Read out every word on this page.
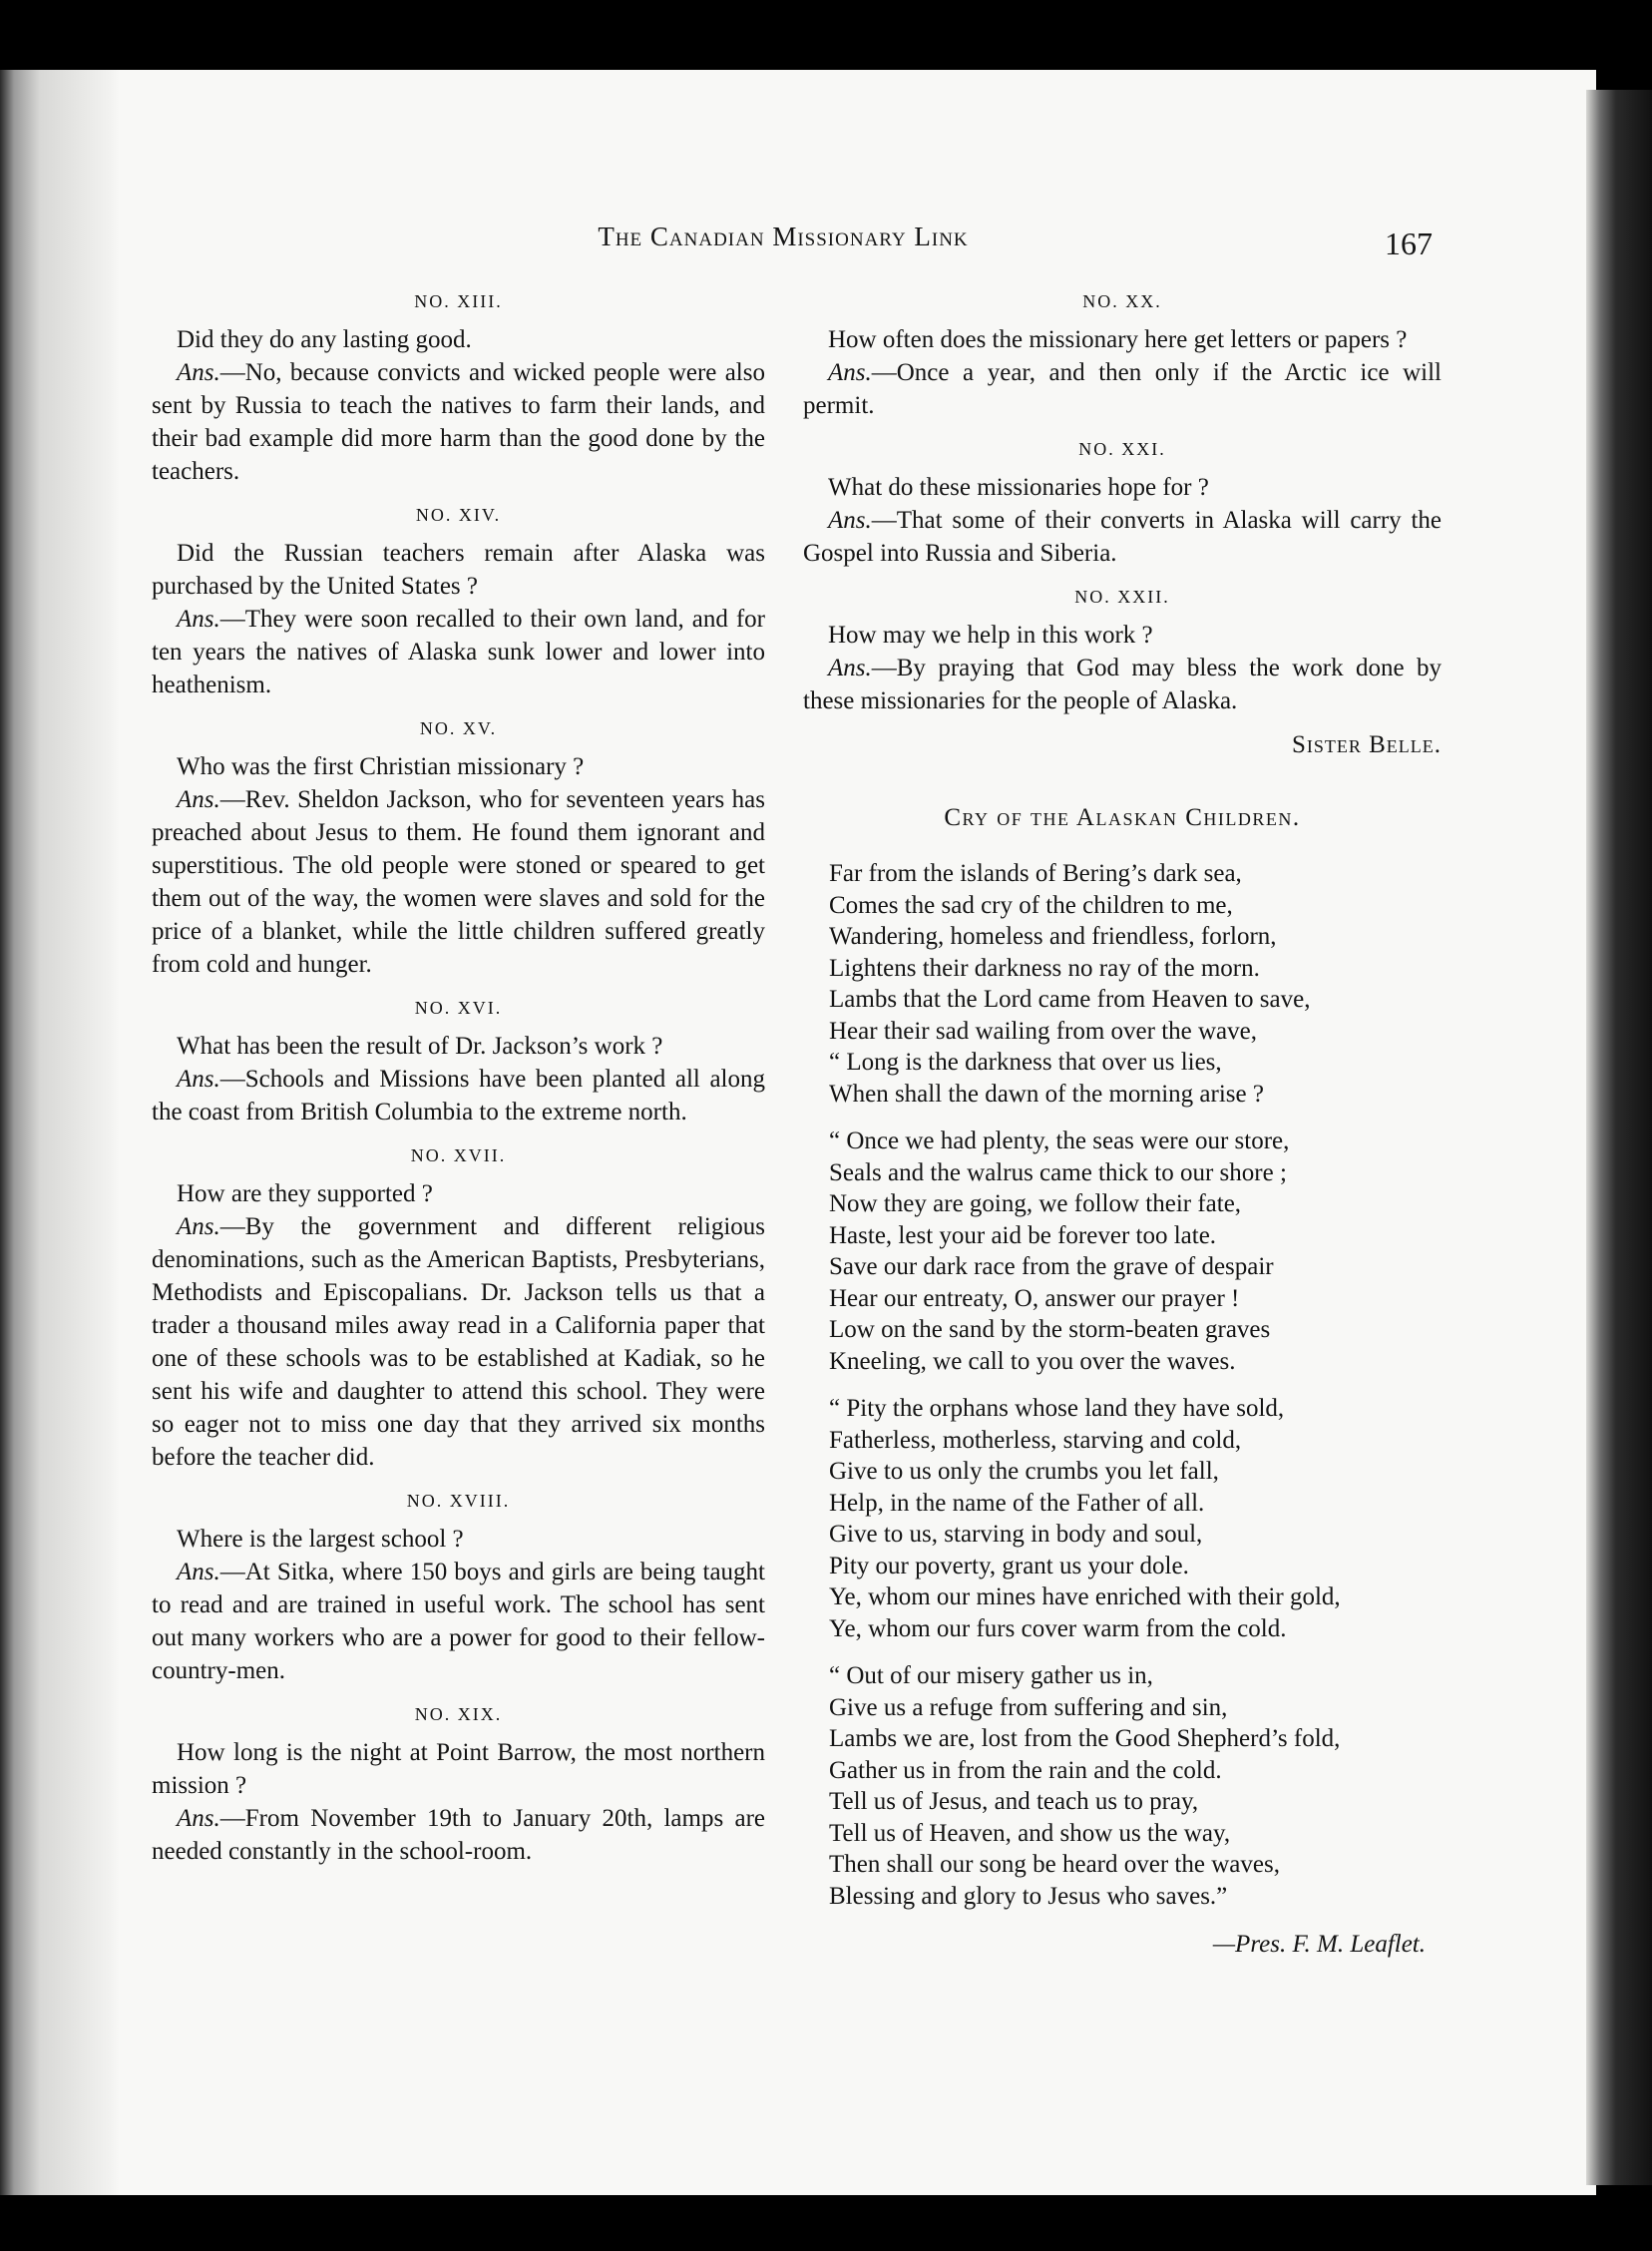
The Canadian Missionary Link	167
NO. XIII.

Did they do any lasting good.

Ans.—No, because convicts and wicked people were also sent by Russia to teach the natives to farm their lands, and their bad example did more harm than the good done by the teachers.

NO. XIV.

Did the Russian teachers remain after Alaska was purchased by the United States ?

Ans.—They were soon recalled to their own land, and for ten years the natives of Alaska sunk lower and lower into heathenism.

NO. XV.

Who was the first Christian missionary ?

Ans.—Rev. Sheldon Jackson, who for seventeen years has preached about Jesus to them. He found them ignorant and superstitious. The old people were stoned or speared to get them out of the way, the women were slaves and sold for the price of a blanket, while the little children suffered greatly from cold and hunger.

NO. XVI.

What has been the result of Dr. Jackson’s work ?

Ans.—Schools and Missions have been planted all along the coast from British Columbia to the extreme north.

NO. XVII.

How are they supported ?

Ans.—By the government and different religious denominations, such as the American Baptists, Presbyterians, Methodists and Episcopalians. Dr. Jackson tells us that a trader a thousand miles away read in a California paper that one of these schools was to be established at Kadiak, so he sent his wife and daughter to attend this school. They were so eager not to miss one day that they arrived six months before the teacher did.

NO. XVIII.

Where is the largest school ?

Ans.—At Sitka, where 150 boys and girls are being taught to read and are trained in useful work. The school has sent out many workers who are a power for good to their fellow-country-men.

NO. XIX.

How long is the night at Point Barrow, the most northern mission ?

Ans.—From November 19th to January 20th, lamps are needed constantly in the school-room.

NO. XX.

How often does the missionary here get letters or papers ?

Ans.—Once a year, and then only if the Arctic ice will permit.

NO. XXI.

What do these missionaries hope for ?

Ans.—That some of their converts in Alaska will carry the Gospel into Russia and Siberia.

NO. XXII.

How may we help in this work ?

Ans.—By praying that God may bless the work done by these missionaries for the people of Alaska.

Sister Belle.
Cry of the Alaskan Children.
Far from the islands of Bering’s dark sea,
Comes the sad cry of the children to me,
Wandering, homeless and friendless, forlorn,
Lightens their darkness no ray of the morn.
Lambs that the Lord came from Heaven to save,
Hear their sad wailing from over the wave,
“ Long is the darkness that over us lies,
When shall the dawn of the morning arise ?
“ Once we had plenty, the seas were our store,
Seals and the walrus came thick to our shore ;
Now they are going, we follow their fate,
Haste, lest your aid be forever too late.
Save our dark race from the grave of despair
Hear our entreaty, O, answer our prayer !
Low on the sand by the storm-beaten graves
Kneeling, we call to you over the waves.
“ Pity the orphans whose land they have sold,
Fatherless, motherless, starving and cold,
Give to us only the crumbs you let fall,
Help, in the name of the Father of all.
Give to us, starving in body and soul,
Pity our poverty, grant us your dole.
Ye, whom our mines have enriched with their gold,
Ye, whom our furs cover warm from the cold.
“ Out of our misery gather us in,
Give us a refuge from suffering and sin,
Lambs we are, lost from the Good Shepherd’s fold,
Gather us in from the rain and the cold.
Tell us of Jesus, and teach us to pray,
Tell us of Heaven, and show us the way,
Then shall our song be heard over the waves,
Blessing and glory to Jesus who saves.”
—Pres. F. M. Leaflet.
